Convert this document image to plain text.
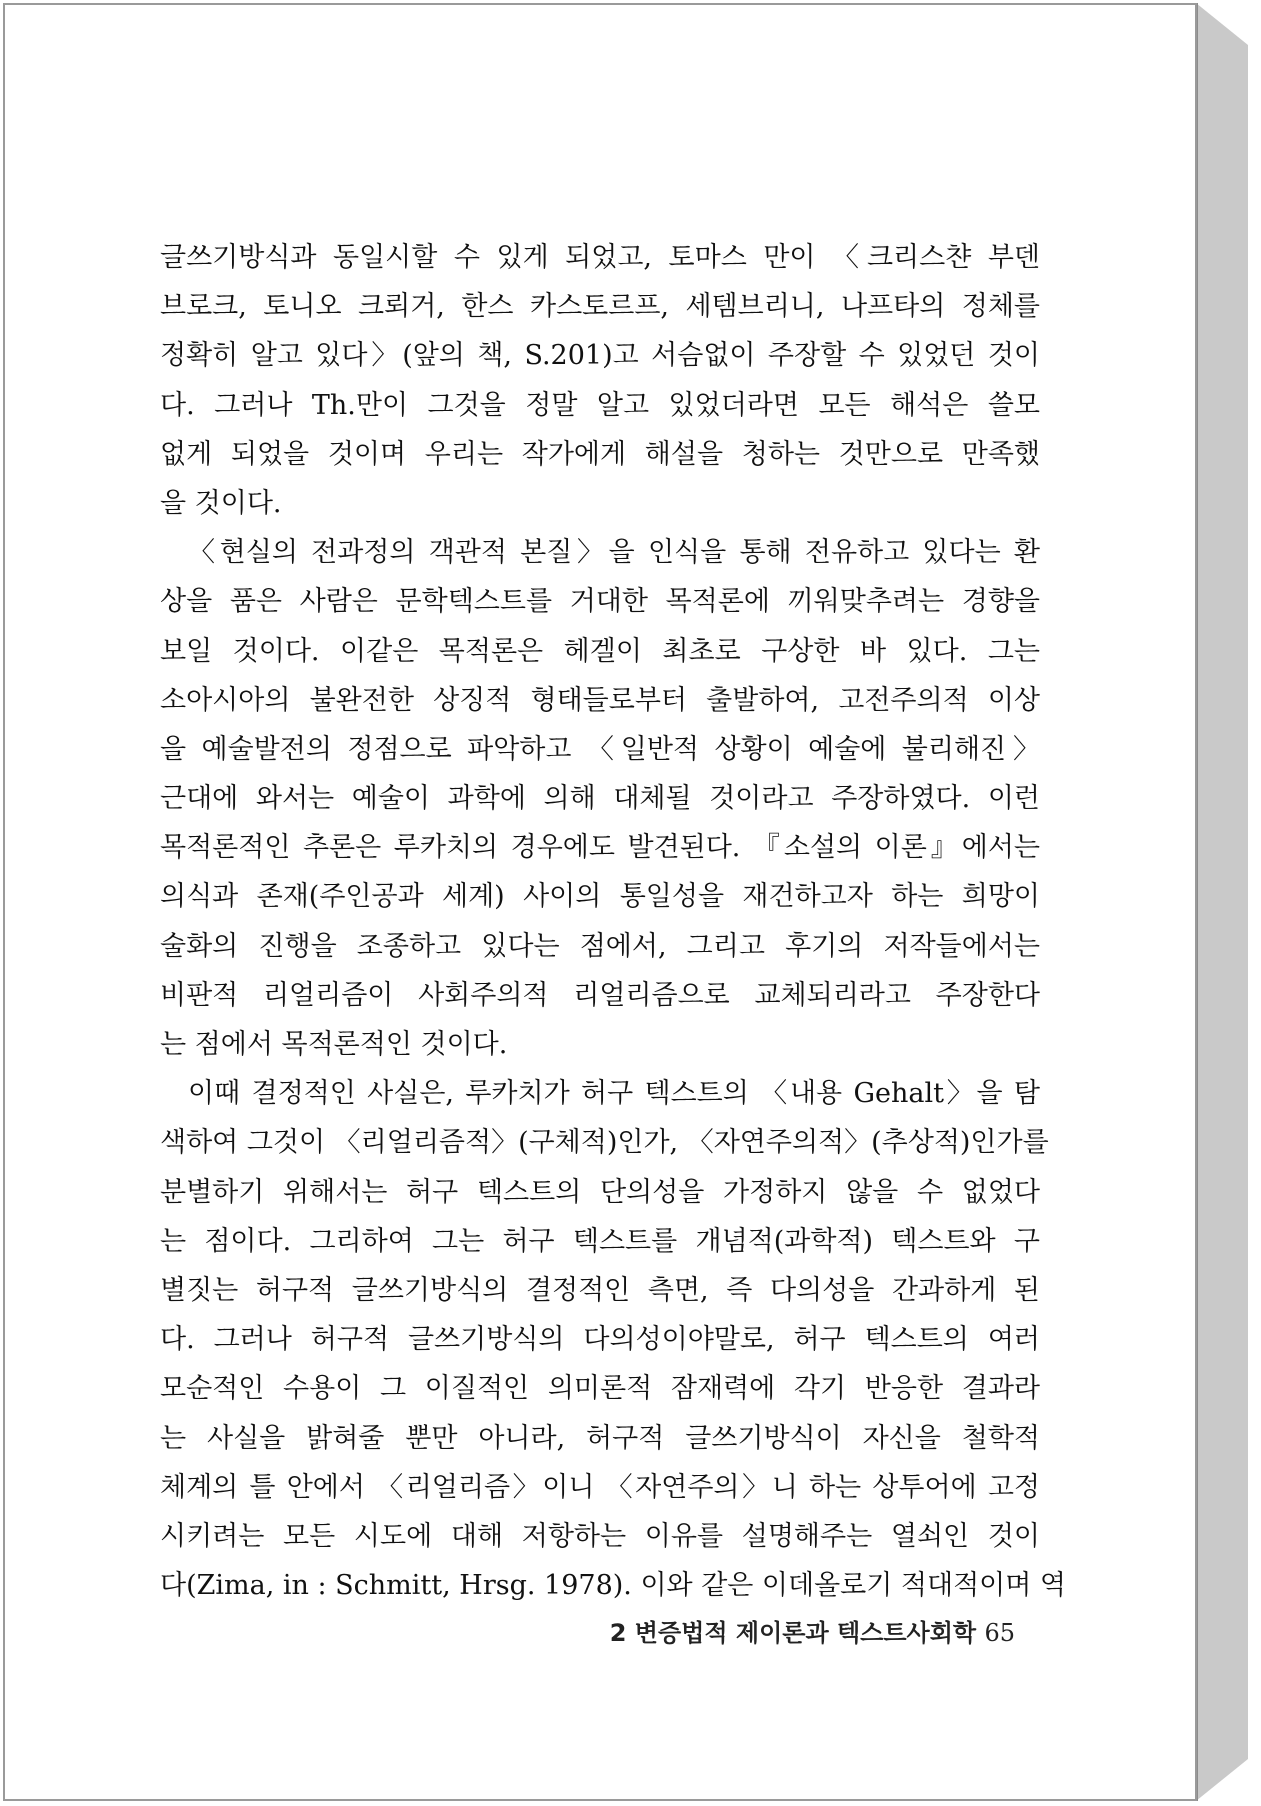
글쓰기방식과 동일시할 수 있게 되었고, 토마스 만이 〈크리스챤 부덴
브로크, 토니오 크뢰거, 한스 카스토르프, 세템브리니, 나프타의 정체를
정확히 알고 있다〉(앞의 책, S.201)고 서슴없이 주장할 수 있었던 것이
다. 그러나 Th.만이 그것을 정말 알고 있었더라면 모든 해석은 쓸모
없게 되었을 것이며 우리는 작가에게 해설을 청하는 것만으로 만족했
을 것이다.
〈현실의 전과정의 객관적 본질〉을 인식을 통해 전유하고 있다는 환
상을 품은 사람은 문학텍스트를 거대한 목적론에 끼워맞추려는 경향을
보일 것이다. 이같은 목적론은 헤겔이 최초로 구상한 바 있다. 그는
소아시아의 불완전한 상징적 형태들로부터 출발하여, 고전주의적 이상
을 예술발전의 정점으로 파악하고 〈일반적 상황이 예술에 불리해진〉
근대에 와서는 예술이 과학에 의해 대체될 것이라고 주장하였다. 이런
목적론적인 추론은 루카치의 경우에도 발견된다. 『소설의 이론』에서는
의식과 존재(주인공과 세계) 사이의 통일성을 재건하고자 하는 희망이
술화의 진행을 조종하고 있다는 점에서, 그리고 후기의 저작들에서는
비판적 리얼리즘이 사회주의적 리얼리즘으로 교체되리라고 주장한다
는 점에서 목적론적인 것이다.
이때 결정적인 사실은, 루카치가 허구 텍스트의 〈내용 Gehalt〉을 탐
색하여 그것이 〈리얼리즘적〉(구체적)인가, 〈자연주의적〉(추상적)인가를
분별하기 위해서는 허구 텍스트의 단의성을 가정하지 않을 수 없었다
는 점이다. 그리하여 그는 허구 텍스트를 개념적(과학적) 텍스트와 구
별짓는 허구적 글쓰기방식의 결정적인 측면, 즉 다의성을 간과하게 된
다. 그러나 허구적 글쓰기방식의 다의성이야말로, 허구 텍스트의 여러
모순적인 수용이 그 이질적인 의미론적 잠재력에 각기 반응한 결과라
는 사실을 밝혀줄 뿐만 아니라, 허구적 글쓰기방식이 자신을 철학적
체계의 틀 안에서 〈리얼리즘〉이니 〈자연주의〉니 하는 상투어에 고정
시키려는 모든 시도에 대해 저항하는 이유를 설명해주는 열쇠인 것이
다(Zima, in : Schmitt, Hrsg. 1978). 이와 같은 이데올로기 적대적이며 역
2 변증법적 제이론과 텍스트사회학 65
